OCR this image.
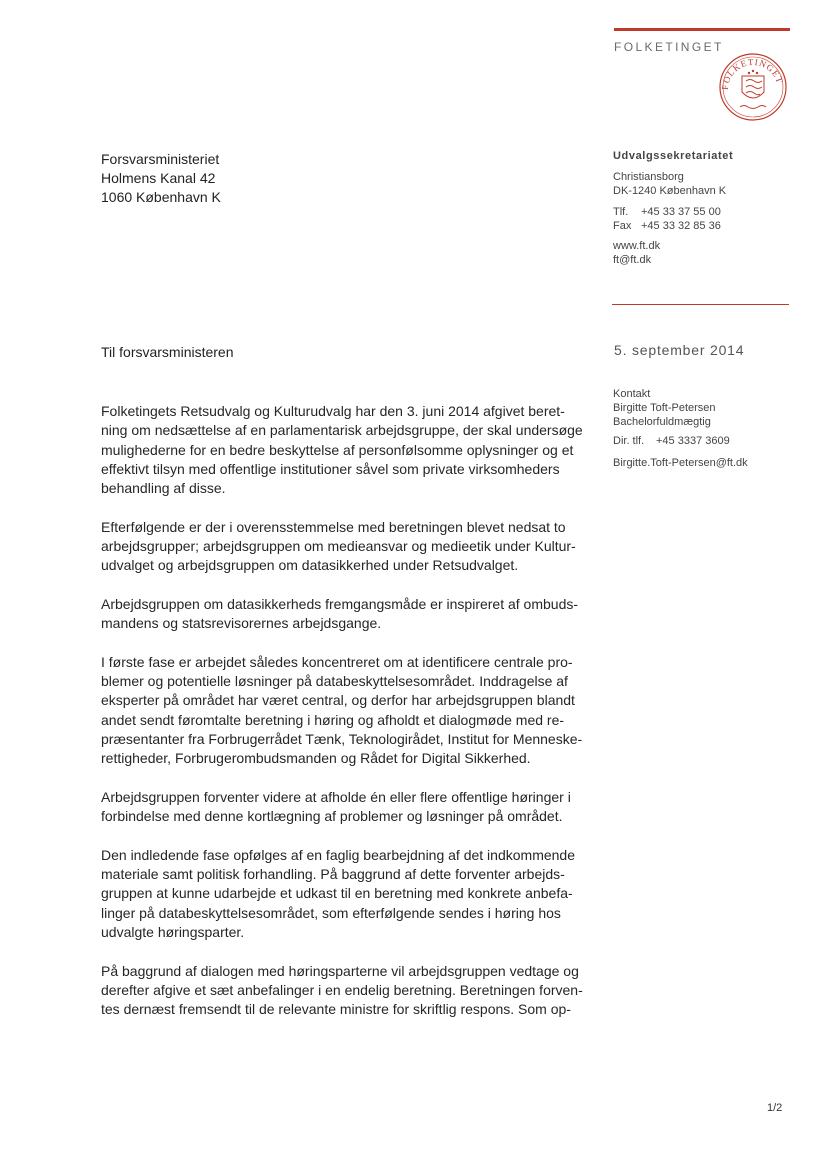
FOLKETINGET
FOLKETINGET
Forsvarsministeriet
Holmens Kanal 42
1060 København K
Udvalgssekretariatet
Christiansborg
DK-1240 København K
Tlf. +45 33 37 55 00
Fax +45 33 32 85 36
www.ft.dk
ft@ft.dk
Til forsvarsministeren	5. september 2014
Kontakt
Birgitte Toft-Petersen
Bachelorfuldmægtig
Dir. tlf. +45 3337 3609
Birgitte.Toft-Petersen@ft.dk

Folketingets Retsudvalg og Kulturudvalg har den 3. juni 2014 afgivet beret-
ning om nedsættelse af en parlamentarisk arbejdsgruppe, der skal undersøge
mulighederne for en bedre beskyttelse af personfølsomme oplysninger og et
effektivt tilsyn med offentlige institutioner såvel som private virksomheders
behandling af disse.

Efterfølgende er der i overensstemmelse med beretningen blevet nedsat to
arbejdsgrupper; arbejdsgruppen om medieansvar og medieetik under Kultur-
udvalget og arbejdsgruppen om datasikkerhed under Retsudvalget.

Arbejdsgruppen om datasikkerheds fremgangsmåde er inspireret af ombuds-
mandens og statsrevisorernes arbejdsgange.

I første fase er arbejdet således koncentreret om at identificere centrale pro-
blemer og potentielle løsninger på databeskyttelsesområdet. Inddragelse af
eksperter på området har været central, og derfor har arbejdsgruppen blandt
andet sendt føromtalte beretning i høring og afholdt et dialogmøde med re-
præsentanter fra Forbrugerrådet Tænk, Teknologirådet, Institut for Menneske-
rettigheder, Forbrugerombudsmanden og Rådet for Digital Sikkerhed.

Arbejdsgruppen forventer videre at afholde én eller flere offentlige høringer i
forbindelse med denne kortlægning af problemer og løsninger på området.

Den indledende fase opfølges af en faglig bearbejdning af det indkommende
materiale samt politisk forhandling. På baggrund af dette forventer arbejds-
gruppen at kunne udarbejde et udkast til en beretning med konkrete anbefa-
linger på databeskyttelsesområdet, som efterfølgende sendes i høring hos
udvalgte høringsparter.

På baggrund af dialogen med høringsparterne vil arbejdsgruppen vedtage og
derefter afgive et sæt anbefalinger i en endelig beretning. Beretningen forven-
tes dernæst fremsendt til de relevante ministre for skriftlig respons. Som op-

1/2
